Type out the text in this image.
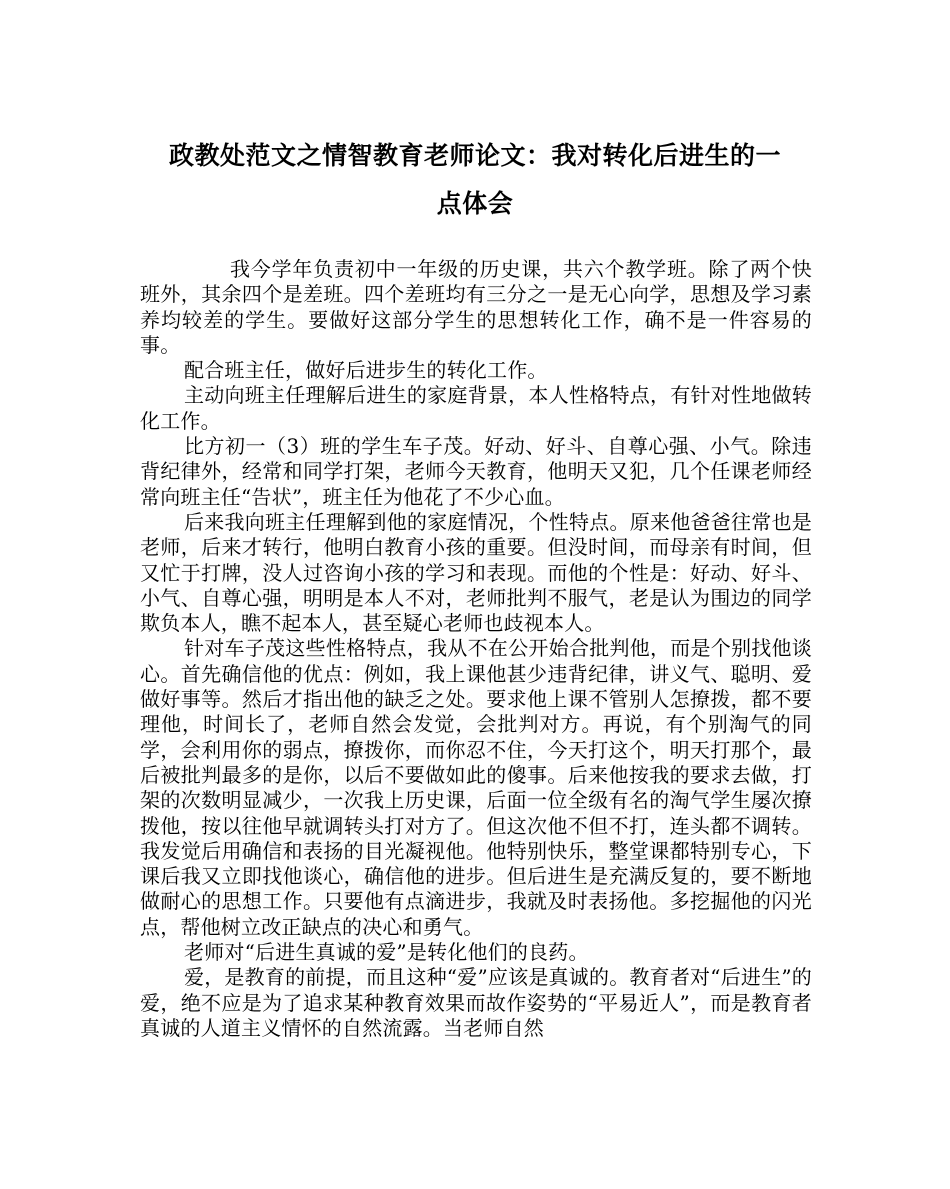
政教处范文之情智教育老师论文：我对转化后进生的一
点体会

我今学年负责初中一年级的历史课，共六个教学班。除了两个快班外，其余四个是差班。四个差班均有三分之一是无心向学，思想及学习素养均较差的学生。要做好这部分学生的思想转化工作，确不是一件容易的事。

配合班主任，做好后进步生的转化工作。

主动向班主任理解后进生的家庭背景，本人性格特点，有针对性地做转化工作。

比方初一（3）班的学生车子茂。好动、好斗、自尊心强、小气。除违背纪律外，经常和同学打架，老师今天教育，他明天又犯，几个任课老师经常向班主任“告状”，班主任为他花了不少心血。

后来我向班主任理解到他的家庭情况，个性特点。原来他爸爸往常也是老师，后来才转行，他明白教育小孩的重要。但没时间，而母亲有时间，但又忙于打牌，没人过咨询小孩的学习和表现。而他的个性是：好动、好斗、小气、自尊心强，明明是本人不对，老师批判不服气，老是认为围边的同学欺负本人，瞧不起本人，甚至疑心老师也歧视本人。

针对车子茂这些性格特点，我从不在公开始合批判他，而是个别找他谈心。首先确信他的优点：例如，我上课他甚少违背纪律，讲义气、聪明、爱做好事等。然后才指出他的缺乏之处。要求他上课不管别人怎撩拨，都不要理他，时间长了，老师自然会发觉，会批判对方。再说，有个别淘气的同学，会利用你的弱点，撩拨你，而你忍不住，今天打这个，明天打那个，最后被批判最多的是你，以后不要做如此的傻事。后来他按我的要求去做，打架的次数明显减少，一次我上历史课，后面一位全级有名的淘气学生屡次撩拨他，按以往他早就调转头打对方了。但这次他不但不打，连头都不调转。我发觉后用确信和表扬的目光凝视他。他特别快乐，整堂课都特别专心，下课后我又立即找他谈心，确信他的进步。但后进生是充满反复的，要不断地做耐心的思想工作。只要他有点滴进步，我就及时表扬他。多挖掘他的闪光点，帮他树立改正缺点的决心和勇气。

老师对“后进生真诚的爱”是转化他们的良药。

爱，是教育的前提，而且这种“爱”应该是真诚的。教育者对“后进生”的爱，绝不应是为了追求某种教育效果而故作姿势的“平易近人”，而是教育者真诚的人道主义情怀的自然流露。当老师自然
